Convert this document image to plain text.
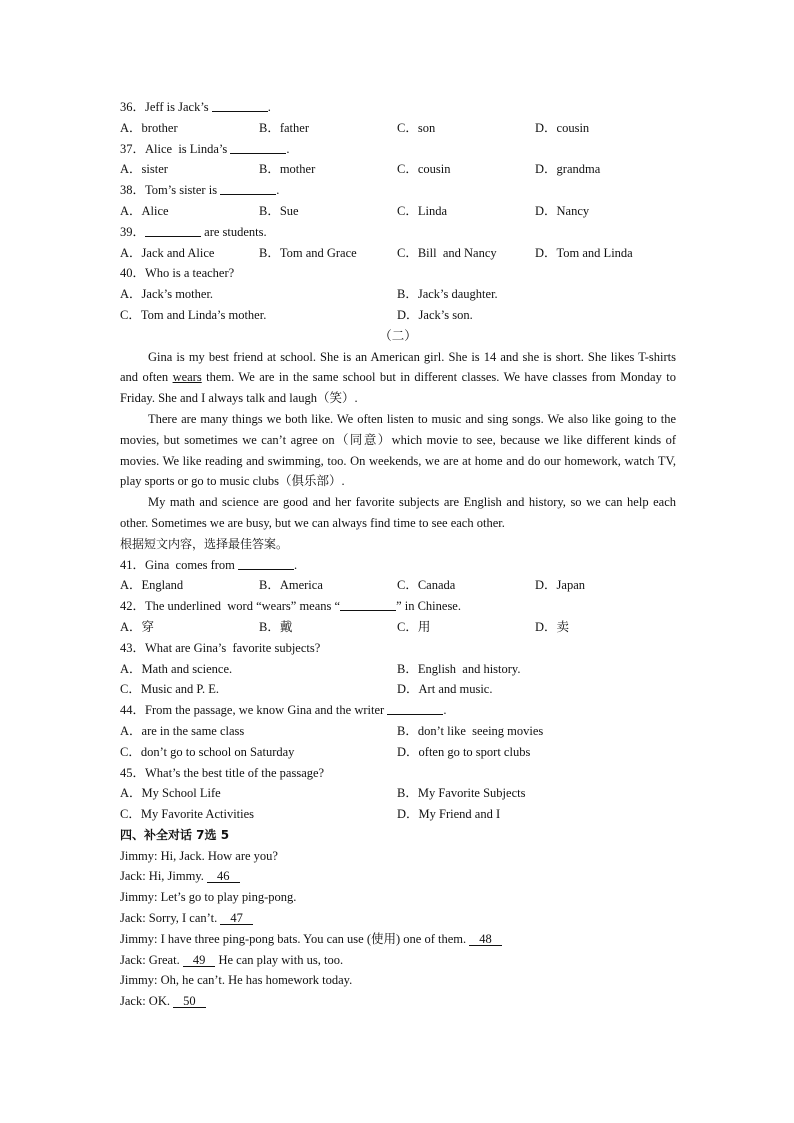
36．Jeff is Jack’s	.
A．brother	B．father	C．son	D．cousin
37．Alice  is Linda’s	.
A．sister	B．mother	C．cousin	D．grandma
38．Tom’s sister is	.
A．Alice	B．Sue	C．Linda	D．Nancy
39．	are students.
A．Jack and Alice	B．Tom and Grace	C．Bill  and Nancy	D．Tom and Linda
40．Who is a teacher?
A．Jack’s mother.	B．Jack’s daughter.
C．Tom and Linda’s mother.	D．Jack’s son.
（二）

Gina is my best friend at school. She is an American girl. She is 14 and she is short. She likes T-shirts and often wears them. We are in the same school but in different classes. We have classes from Monday to Friday. She and I always talk and laugh（笑）.

There are many things we both like. We often listen to music and sing songs. We also like going to the movies, but sometimes we can’t agree on（同意）which movie to see, because we like different kinds of movies. We like reading and swimming, too. On weekends, we are at home and do our homework, watch TV, play sports or go to music clubs（俱乐部）.

My math and science are good and her favorite subjects are English and history, so we can help each other. Sometimes we are busy, but we can always find time to see each other.

根据短文内容，选择最佳答案。
41．Gina  comes from	.
A．England	B．America	C．Canada	D．Japan
42．The underlined  word “wears” means “	” in Chinese.
A．穿	B．戴	C．用	D．卖
43．What are Gina’s  favorite subjects?
A．Math and science.	B．English  and history.
C．Music and P. E.	D．Art and music.
44．From the passage, we know Gina and the writer	.
A．are in the same class	B．don’t like  seeing movies
C．don’t go to school on Saturday	D．often go to sport clubs
45．What’s the best title of the passage?
A．My School Life	B．My Favorite Subjects
C．My Favorite Activities	D．My Friend and I
四、补全对话 7选 5
Jimmy: Hi, Jack. How are you?
Jack: Hi, Jimmy. 46
Jimmy: Let’s go to play ping-pong.
Jack: Sorry, I can’t. 47
Jimmy: I have three ping-pong bats. You can use (使用) one of them. 48
Jack: Great. 49 He can play with us, too.
Jimmy: Oh, he can’t. He has homework today.
Jack: OK. 50
